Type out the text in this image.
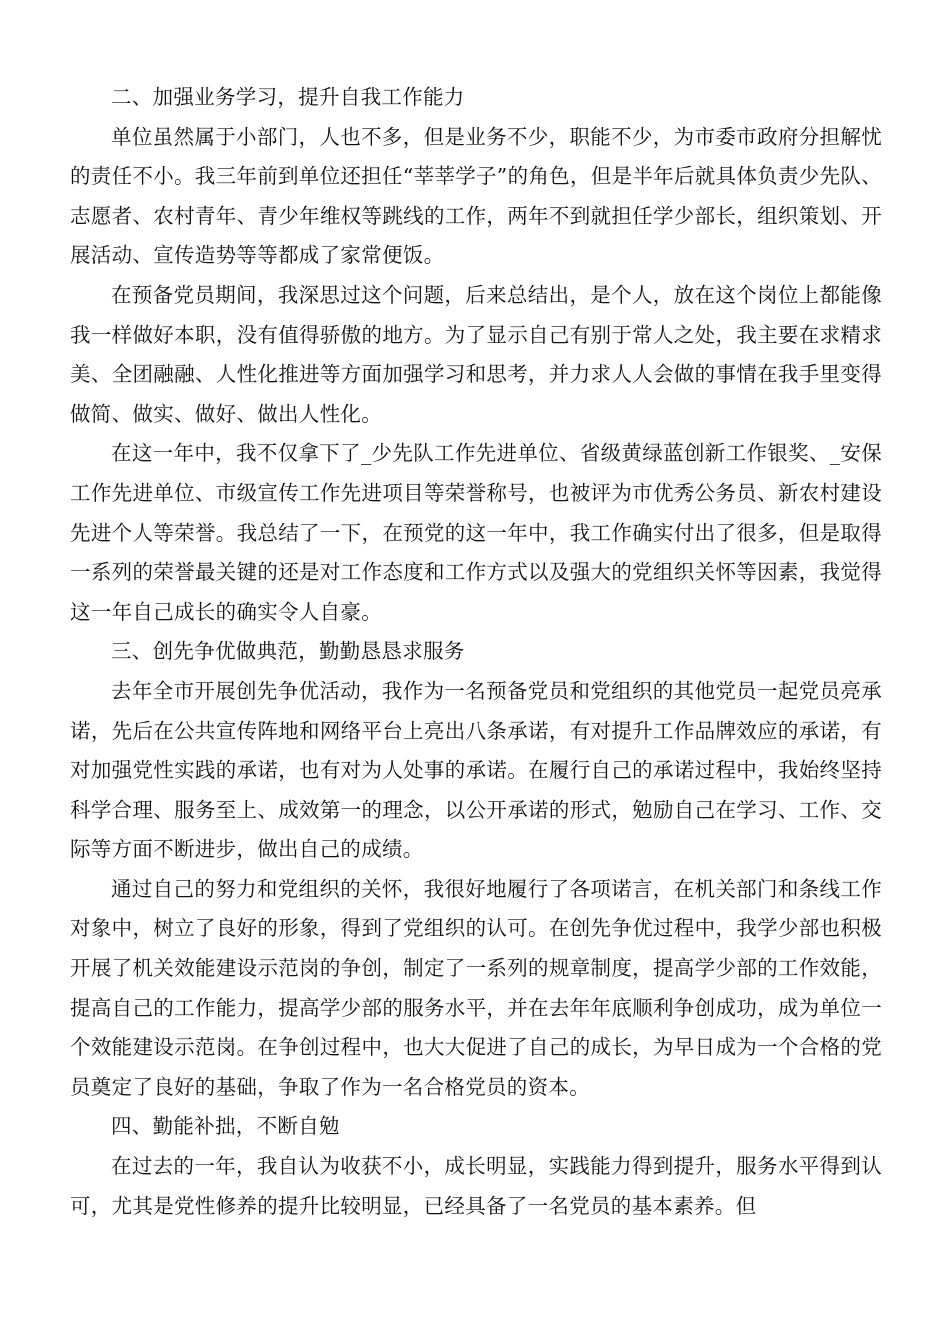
二、加强业务学习，提升自我工作能力

单位虽然属于小部门，人也不多，但是业务不少，职能不少，为市委市政府分担解忧的责任不小。我三年前到单位还担任“莘莘学子”的角色，但是半年后就具体负责少先队、志愿者、农村青年、青少年维权等跳线的工作，两年不到就担任学少部长，组织策划、开展活动、宣传造势等等都成了家常便饭。

在预备党员期间，我深思过这个问题，后来总结出，是个人，放在这个岗位上都能像我一样做好本职，没有值得骄傲的地方。为了显示自己有别于常人之处，我主要在求精求美、全团融融、人性化推进等方面加强学习和思考，并力求人人会做的事情在我手里变得做简、做实、做好、做出人性化。

在这一年中，我不仅拿下了_少先队工作先进单位、省级黄绿蓝创新工作银奖、_安保工作先进单位、市级宣传工作先进项目等荣誉称号，也被评为市优秀公务员、新农村建设先进个人等荣誉。我总结了一下，在预党的这一年中，我工作确实付出了很多，但是取得一系列的荣誉最关键的还是对工作态度和工作方式以及强大的党组织关怀等因素，我觉得这一年自己成长的确实令人自豪。

三、创先争优做典范，勤勤恳恳求服务

去年全市开展创先争优活动，我作为一名预备党员和党组织的其他党员一起党员亮承诺，先后在公共宣传阵地和网络平台上亮出八条承诺，有对提升工作品牌效应的承诺，有对加强党性实践的承诺，也有对为人处事的承诺。在履行自己的承诺过程中，我始终坚持科学合理、服务至上、成效第一的理念，以公开承诺的形式，勉励自己在学习、工作、交际等方面不断进步，做出自己的成绩。

通过自己的努力和党组织的关怀，我很好地履行了各项诺言，在机关部门和条线工作对象中，树立了良好的形象，得到了党组织的认可。在创先争优过程中，我学少部也积极开展了机关效能建设示范岗的争创，制定了一系列的规章制度，提高学少部的工作效能，提高自己的工作能力，提高学少部的服务水平，并在去年年底顺利争创成功，成为单位一个效能建设示范岗。在争创过程中，也大大促进了自己的成长，为早日成为一个合格的党员奠定了良好的基础，争取了作为一名合格党员的资本。

四、勤能补拙，不断自勉

在过去的一年，我自认为收获不小，成长明显，实践能力得到提升，服务水平得到认可，尤其是党性修养的提升比较明显，已经具备了一名党员的基本素养。但
